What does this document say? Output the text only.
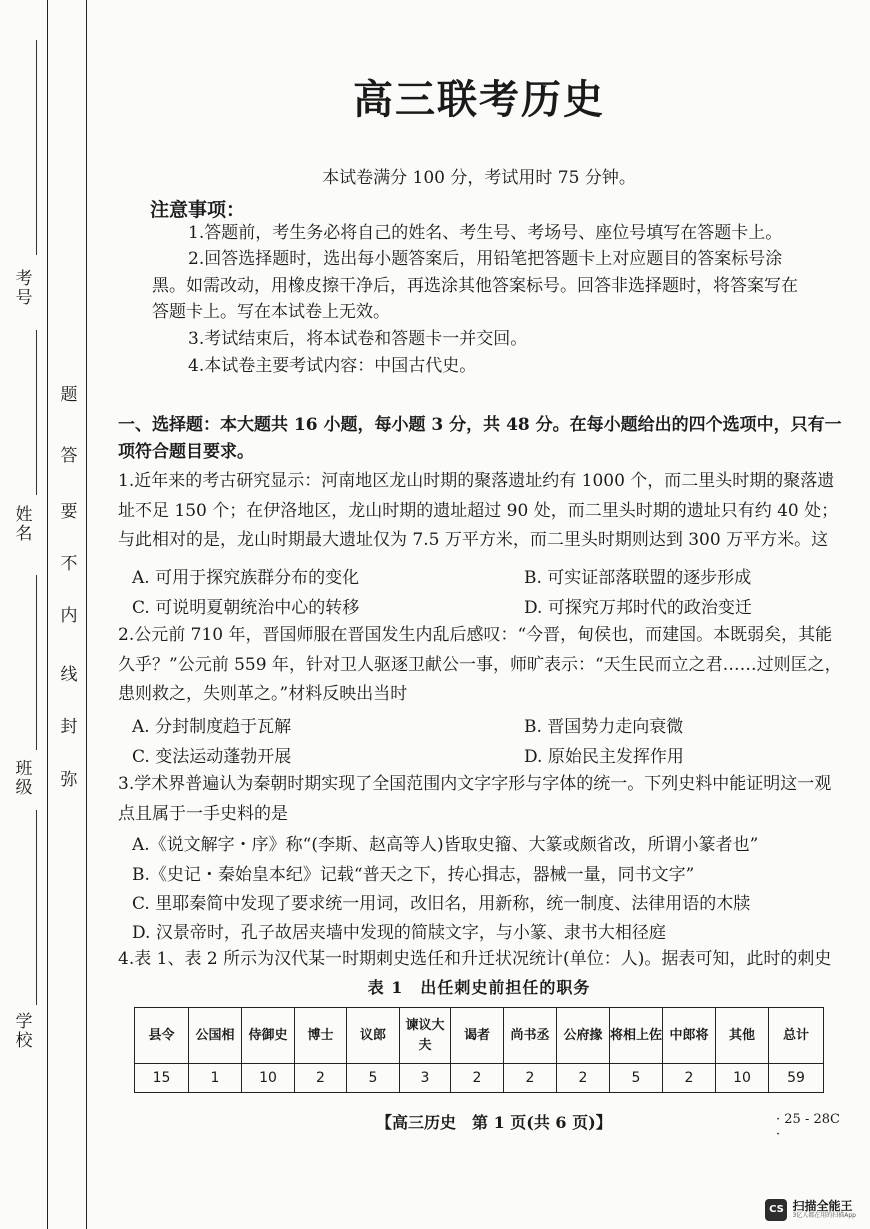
考号
姓名
班级
学校
题
答
要
不
内
线
封
弥
高三联考历史
本试卷满分 100 分，考试用时 75 分钟。
注意事项：
1.答题前，考生务必将自己的姓名、考生号、考场号、座位号填写在答题卡上。
2.回答选择题时，选出每小题答案后，用铅笔把答题卡上对应题目的答案标号涂黑。如需改动，用橡皮擦干净后，再选涂其他答案标号。回答非选择题时，将答案写在答题卡上。写在本试卷上无效。
3.考试结束后，将本试卷和答题卡一并交回。
4.本试卷主要考试内容：中国古代史。
一、选择题：本大题共 16 小题，每小题 3 分，共 48 分。在每小题给出的四个选项中，只有一项符合题目要求。
1.近年来的考古研究显示：河南地区龙山时期的聚落遗址约有 1000 个，而二里头时期的聚落遗址不足 150 个；在伊洛地区，龙山时期的遗址超过 90 处，而二里头时期的遗址只有约 40 处；与此相对的是，龙山时期最大遗址仅为 7.5 万平方米，而二里头时期则达到 300 万平方米。这
A. 可用于探究族群分布的变化	B. 可实证部落联盟的逐步形成
C. 可说明夏朝统治中心的转移	D. 可探究万邦时代的政治变迁
2.公元前 710 年，晋国师服在晋国发生内乱后感叹：“今晋，甸侯也，而建国。本既弱矣，其能久乎？”公元前 559 年，针对卫人驱逐卫献公一事，师旷表示：“天生民而立之君……过则匡之，患则救之，失则革之。”材料反映出当时
A. 分封制度趋于瓦解	B. 晋国势力走向衰微
C. 变法运动蓬勃开展	D. 原始民主发挥作用
3.学术界普遍认为秦朝时期实现了全国范围内文字字形与字体的统一。下列史料中能证明这一观点且属于一手史料的是
A.《说文解字・序》称“(李斯、赵高等人)皆取史籀、大篆或颇省改，所谓小篆者也”
B.《史记・秦始皇本纪》记载“普天之下，抟心揖志，器械一量，同书文字”
C. 里耶秦简中发现了要求统一用词，改旧名，用新称，统一制度、法律用语的木牍
D. 汉景帝时，孔子故居夹墙中发现的简牍文字，与小篆、隶书大相径庭
4.表 1、表 2 所示为汉代某一时期刺史选任和升迁状况统计(单位：人)。据表可知，此时的刺史
表 1　出任刺史前担任的职务
县令	公国相	侍御史	博士	议郎	谏议大夫	谒者	尚书丞	公府掾	将相上佐	中郎将	其他	总计
15	1	10	2	5	3	2	2	2	5	2	10	59
【高三历史　第 1 页(共 6 页)】	· 25 - 28C ·
CS 扫描全能王
3亿人都在用的扫描App
